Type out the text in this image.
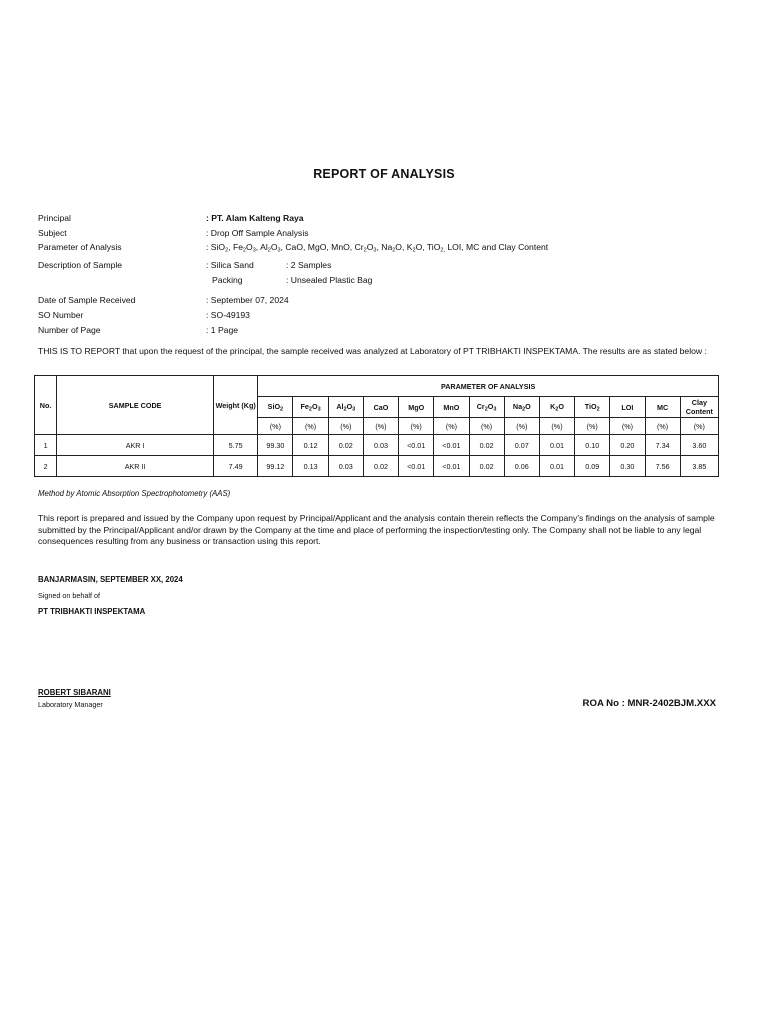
REPORT OF ANALYSIS
Principal	: PT. Alam Kalteng Raya
Subject	: Drop Off Sample Analysis
Parameter of Analysis	: SiO$_2$, $Fe_2O_3$, $Al_2O_3$, CaO, MgO, MnO, $Cr_2O_3$, $Na_2O$, $K_2O$, TiO$_{2,}$ LOI, MC and Clay Content
Description of Sample	: Silica Sand	: 2 Samples
Packing	: Unsealed Plastic Bag
Date of Sample Received	: September 07, 2024
SO Number	: SO-49193
Number of Page	: 1 Page
THIS IS TO REPORT that upon the request of the principal, the sample received was analyzed at Laboratory of PT TRIBHAKTI INSPEKTAMA. The results are as stated below :
No.	SAMPLE CODE	Weight (Kg)	PARAMETER OF ANALYSIS												
			SiO$_2$	$Fe_2O_3$	$Al_2O_3$	CaO	MgO	MnO	$Cr_2O_3$	$Na_2O$	$K_2O$	TiO$_2$	LOI	MC	Clay Content
			(%)	(%)	(%)	(%)	(%)	(%)	(%)	(%)	(%)	(%)	(%)	(%)	(%)
1	AKR I	5.75	99.30	0.12	0.02	0.03	<0.01	<0.01	0.02	0.07	0.01	0.10	0.20	7.34	3.60
2	AKR II	7.49	99.12	0.13	0.03	0.02	<0.01	<0.01	0.02	0.06	0.01	0.09	0.30	7.56	3.85
Method by Atomic Absorption Spectrophotometry (AAS)
This report is prepared and issued by the Company upon request by Principal/Applicant and the analysis contain therein reflects the Company's findings on the analysis of sample submitted by the Principal/Applicant and/or drawn by the Company at the time and place of performing the inspection/testing only. The Company shall not be liable to any legal consequences resulting from any business or transaction using this report.
BANJARMASIN, SEPTEMBER XX, 2024
Signed on behalf of
PT TRIBHAKTI INSPEKTAMA
ROBERT SIBARANI
Laboratory Manager	ROA No : MNR-2402BJM.XXX
